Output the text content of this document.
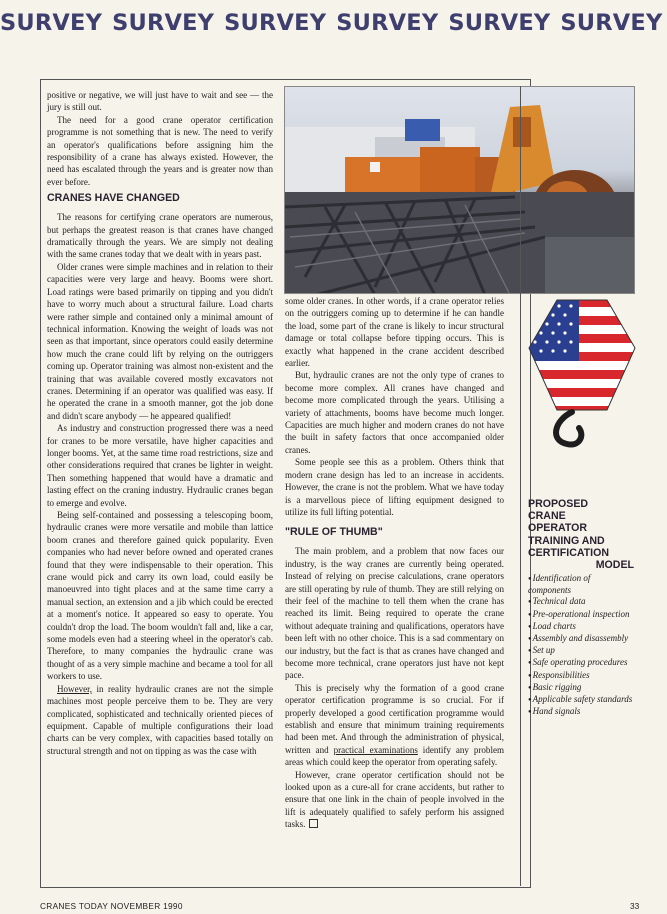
SURVEY SURVEY SURVEY SURVEY SURVEY SURVEY

positive or negative, we will just have to wait and see — the jury is still out.

The need for a good crane operator certification programme is not something that is new. The need to verify an operator's qualifications before assigning him the responsibility of a crane has always existed. However, the need has escalated through the years and is greater now than ever before.

CRANES HAVE CHANGED

The reasons for certifying crane operators are numerous, but perhaps the greatest reason is that cranes have changed dramatically through the years. We are simply not dealing with the same cranes today that we dealt with in years past.

Older cranes were simple machines and in relation to their capacities were very large and heavy. Booms were short. Load ratings were based primarily on tipping and you didn't have to worry much about a structural failure. Load charts were rather simple and contained only a minimal amount of technical information. Knowing the weight of loads was not seen as that important, since operators could easily determine how much the crane could lift by relying on the outriggers coming up. Operator training was almost non-existent and the training that was available covered mostly excavators not cranes. Determining if an operator was qualified was easy. If he operated the crane in a smooth manner, got the job done and didn't scare anybody — he appeared qualified!

As industry and construction progressed there was a need for cranes to be more versatile, have higher capacities and longer booms. Yet, at the same time road restrictions, size and other considerations required that cranes be lighter in weight. Then something happened that would have a dramatic and lasting effect on the craning industry. Hydraulic cranes began to emerge and evolve.

Being self-contained and possessing a telescoping boom, hydraulic cranes were more versatile and mobile than lattice boom cranes and therefore gained quick popularity. Even companies who had never before owned and operated cranes found that they were indispensable to their operation. This crane would pick and carry its own load, could easily be manoeuvred into tight places and at the same time carry a manual section, an extension and a jib which could be erected at a moment's notice. It appeared so easy to operate. You couldn't drop the load. The boom wouldn't fall and, like a car, some models even had a steering wheel in the operator's cab. Therefore, to many companies the hydraulic crane was thought of as a very simple machine and became a tool for all workers to use.

However, in reality hydraulic cranes are not the simple machines most people perceive them to be. They are very complicated, sophisticated and technically oriented pieces of equipment. Capable of multiple configurations their load charts can be very complex, with capacities based totally on structural strength and not on tipping as was the case with

some older cranes. In other words, if a crane operator relies on the outriggers coming up to determine if he can handle the load, some part of the crane is likely to incur structural damage or total collapse before tipping occurs. This is exactly what happened in the crane accident described earlier.

But, hydraulic cranes are not the only type of cranes to become more complex. All cranes have changed and become more complicated through the years. Utilising a variety of attachments, booms have become much longer. Capacities are much higher and modern cranes do not have the built in safety factors that once accompanied older cranes.

Some people see this as a problem. Others think that modern crane design has led to an increase in accidents. However, the crane is not the problem. What we have today is a marvellous piece of lifting equipment designed to utilize its full lifting potential.

"RULE OF THUMB"

The main problem, and a problem that now faces our industry, is the way cranes are currently being operated. Instead of relying on precise calculations, crane operators are still operating by rule of thumb. They are still relying on their feel of the machine to tell them when the crane has reached its limit. Being required to operate the crane without adequate training and qualifications, operators have been left with no other choice. This is a sad commentary on our industry, but the fact is that as cranes have changed and become more technical, crane operators just have not kept pace.

This is precisely why the formation of a good crane operator certification programme is so crucial. For if properly developed a good certification programme would establish and ensure that minimum training requirements had been met. And through the administration of physical, written and practical examinations identify any problem areas which could keep the operator from operating safely.

However, crane operator certification should not be looked upon as a cure-all for crane accidents, but rather to ensure that one link in the chain of people involved in the lift is adequately qualified to safely perform his assigned tasks.

PROPOSED
CRANE
OPERATOR
TRAINING AND
CERTIFICATION
MODEL
● Identification of components
● Technical data
● Pre-operational inspection
● Load charts
● Assembly and disassembly
● Set up
● Safe operating procedures
● Responsibilities
● Basic rigging
● Applicable safety standards
● Hand signals
CRANES TODAY NOVEMBER 1990	33
